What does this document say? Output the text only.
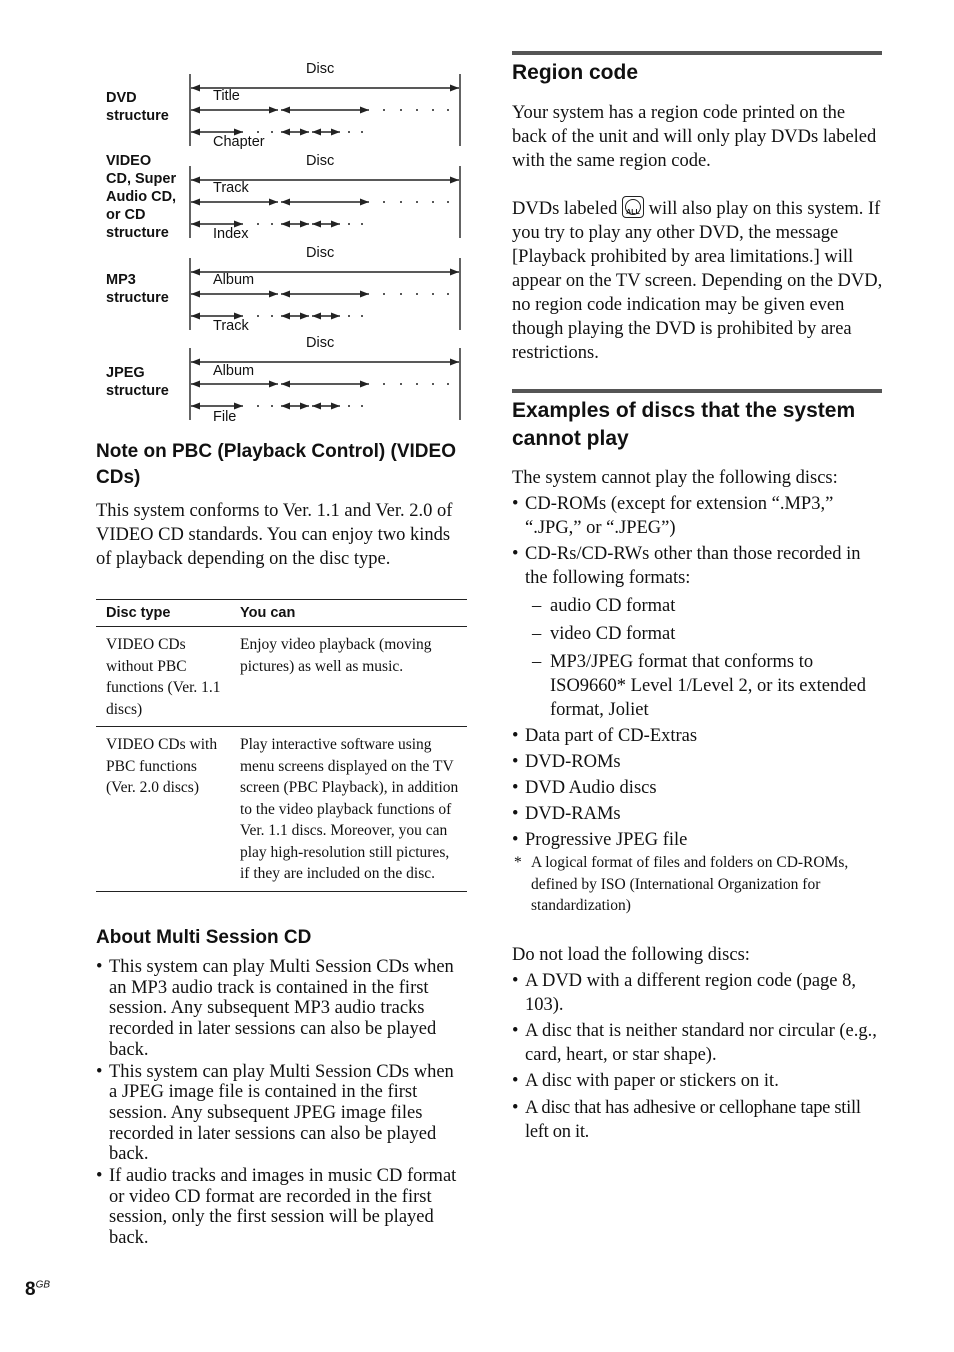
DVD
structure
VIDEO
CD, Super
Audio CD,
or CD
structure
MP3
structure
JPEG
structure
Disc
Title
Chapter
Disc
Track
Index
Disc
Album
Track
Disc
Album
File
Note on PBC (Playback Control) (VIDEO CDs)
This system conforms to Ver. 1.1 and Ver. 2.0 of VIDEO CD standards. You can enjoy two kinds of playback depending on the disc type.
Disc type	You can
VIDEO CDs without PBC functions (Ver. 1.1 discs)	Enjoy video playback (moving pictures) as well as music.
VIDEO CDs with PBC functions (Ver. 2.0 discs)	Play interactive software using menu screens displayed on the TV screen (PBC Playback), in addition to the video playback functions of Ver. 1.1 discs. Moreover, you can play high-resolution still pictures, if they are included on the disc.
About Multi Session CD
• This system can play Multi Session CDs when an MP3 audio track is contained in the first session. Any subsequent MP3 audio tracks recorded in later sessions can also be played back.
• This system can play Multi Session CDs when a JPEG image file is contained in the first session. Any subsequent JPEG image files recorded in later sessions can also be played back.
• If audio tracks and images in music CD format or video CD format are recorded in the first session, only the first session will be played back.
$8^{GB}$
Region code
Your system has a region code printed on the back of the unit and will only play DVDs labeled with the same region code.
DVDs labeled	ALL will also play on this system. If you try to play any other DVD, the message [Playback prohibited by area limitations.] will appear on the TV screen. Depending on the DVD, no region code indication may be given even though playing the DVD is prohibited by area restrictions.
Examples of discs that the system cannot play
The system cannot play the following discs:
• CD-ROMs (except for extension “.MP3,” “.JPG,” or “.JPEG”)
• CD-Rs/CD-RWs other than those recorded in the following formats:
– audio CD format
– video CD format
– MP3/JPEG format that conforms to ISO9660* Level 1/Level 2, or its extended format, Joliet
• Data part of CD-Extras
• DVD-ROMs
• DVD Audio discs
• DVD-RAMs
• Progressive JPEG file
* A logical format of files and folders on CD-ROMs, defined by ISO (International Organization for standardization)
Do not load the following discs:
• A DVD with a different region code (page 8, 103).
• A disc that is neither standard nor circular (e.g., card, heart, or star shape).
• A disc with paper or stickers on it.
• A disc that has adhesive or cellophane tape still left on it.
